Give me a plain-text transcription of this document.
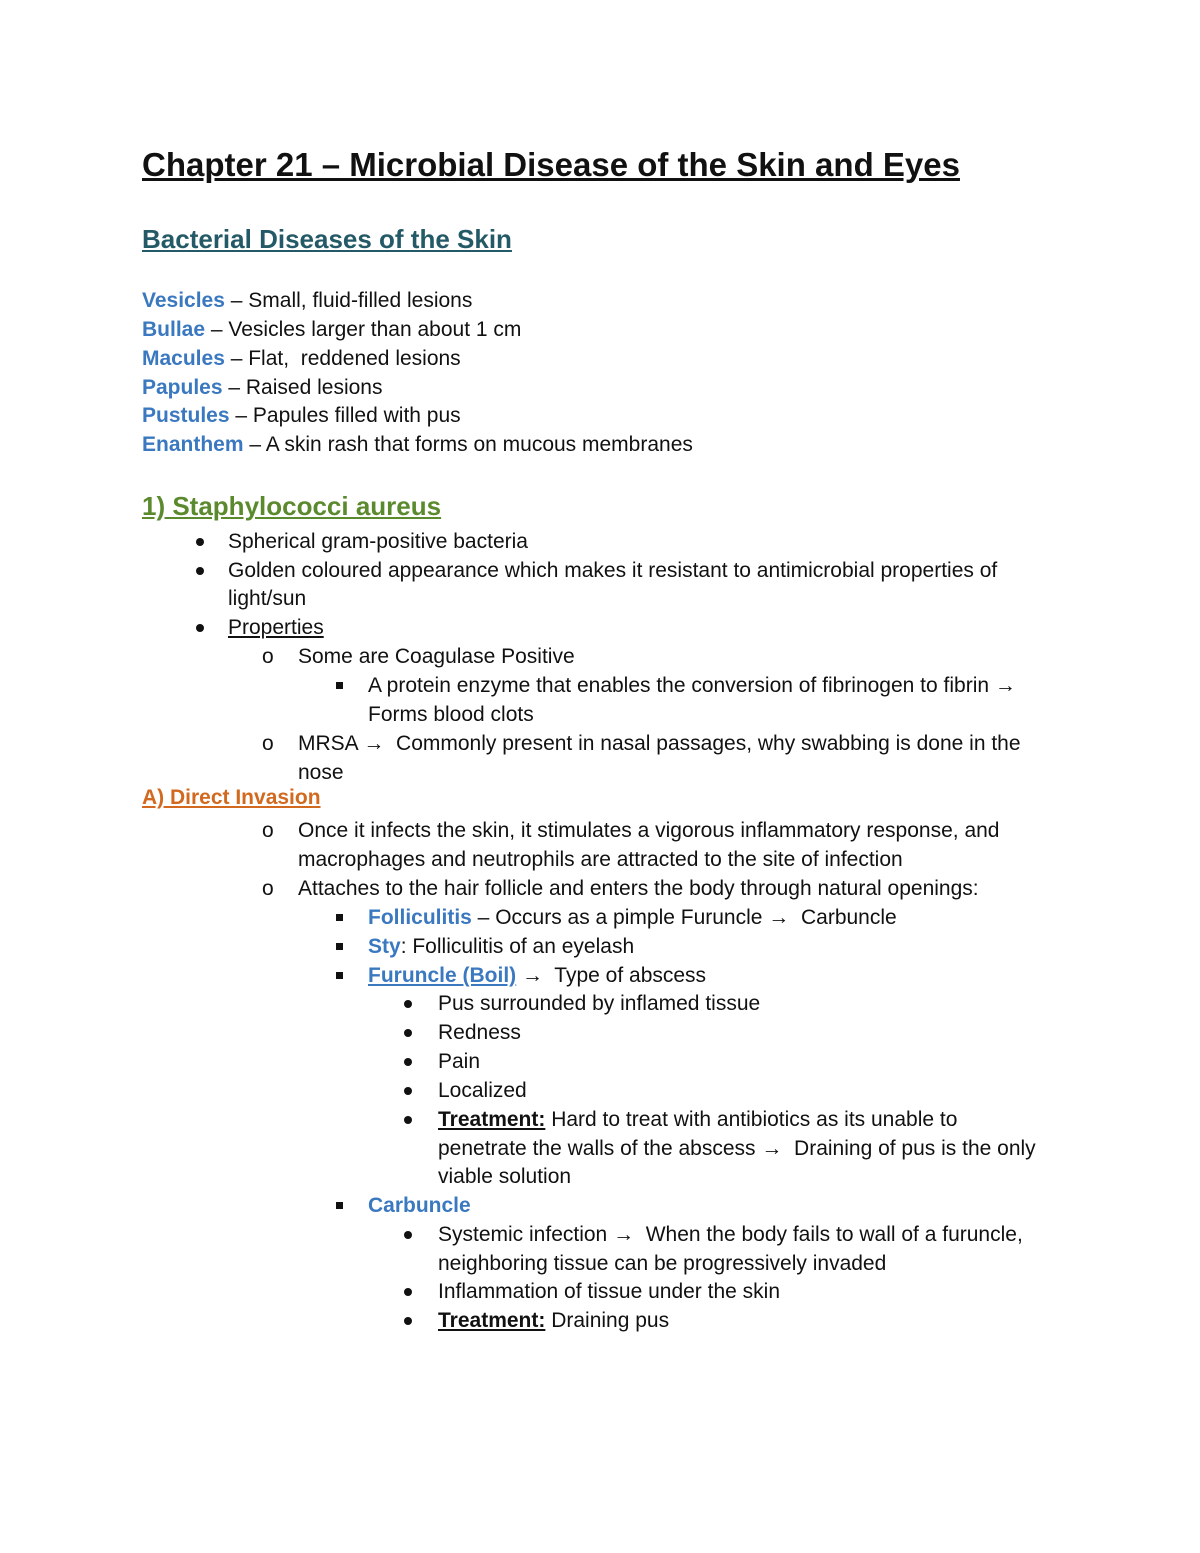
Chapter 21 – Microbial Disease of the Skin and Eyes
Bacterial Diseases of the Skin
Vesicles – Small, fluid-filled lesions
Bullae – Vesicles larger than about 1 cm
Macules – Flat,  reddened lesions
Papules – Raised lesions
Pustules – Papules filled with pus
Enanthem – A skin rash that forms on mucous membranes
1) Staphylococci aureus
Spherical gram-positive bacteria
Golden coloured appearance which makes it resistant to antimicrobial properties of
light/sun
Properties
o Some are Coagulase Positive
A protein enzyme that enables the conversion of fibrinogen to fibrin →
Forms blood clots
o MRSA →  Commonly present in nasal passages, why swabbing is done in the
nose
A) Direct Invasion
o Once it infects the skin, it stimulates a vigorous inflammatory response, and
macrophages and neutrophils are attracted to the site of infection
o Attaches to the hair follicle and enters the body through natural openings:
Folliculitis – Occurs as a pimple Furuncle →  Carbuncle
Sty: Folliculitis of an eyelash
Furuncle (Boil) →  Type of abscess
Pus surrounded by inflamed tissue
Redness
Pain
Localized
Treatment: Hard to treat with antibiotics as its unable to
penetrate the walls of the abscess →  Draining of pus is the only
viable solution
Carbuncle
Systemic infection →  When the body fails to wall of a furuncle,
neighboring tissue can be progressively invaded
Inflammation of tissue under the skin
Treatment: Draining pus
